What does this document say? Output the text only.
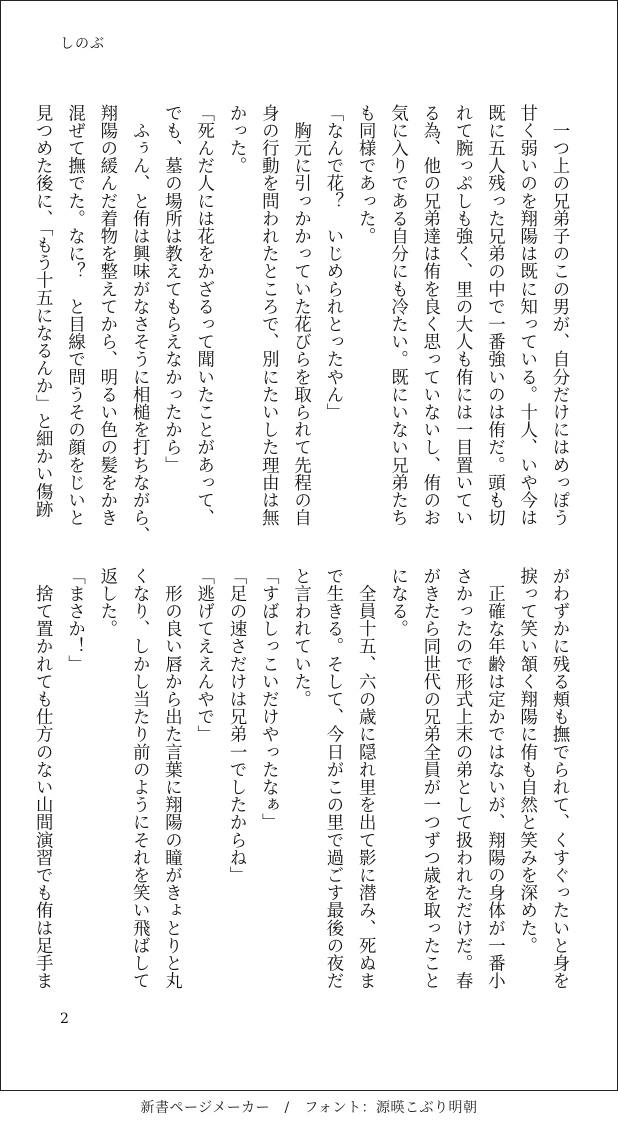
しのぶ
　一つ上の兄弟子のこの男が、自分だけにはめっぽう
甘く弱いのを翔陽は既に知っている。十人、いや今は
既に五人残った兄弟の中で一番強いのは侑だ。頭も切
れて腕っぷしも強く、里の大人も侑には一目置いてい
る為、他の兄弟達は侑を良く思っていないし、侑のお
気に入りである自分にも冷たい。既にいない兄弟たち
も同様であった。
「なんで花？　いじめられとったやん」
　胸元に引っかかっていた花びらを取られて先程の自
身の行動を問われたところで、別にたいした理由は無
かった。
「死んだ人には花をかざるって聞いたことがあって、
でも、墓の場所は教えてもらえなかったから」
　ふぅん、と侑は興味がなさそうに相槌を打ちながら、
翔陽の緩んだ着物を整えてから、明るい色の髪をかき
混ぜて撫でた。なに？　と目線で問うその顔をじいと
見つめた後に、「もう十五になるんか」と細かい傷跡
がわずかに残る頬も撫でられて、くすぐったいと身を
捩って笑い頷く翔陽に侑も自然と笑みを深めた。
　正確な年齢は定かではないが、翔陽の身体が一番小
さかったので形式上末の弟として扱われただけだ。春
がきたら同世代の兄弟全員が一つずつ歳を取ったこと
になる。
　全員十五、六の歳に隠れ里を出て影に潜み、死ぬま
で生きる。そして、今日がこの里で過ごす最後の夜だ
と言われていた。
「すばしっこいだけやったなぁ」
「足の速さだけは兄弟一でしたからね」
「逃げてええんやで」
　形の良い唇から出た言葉に翔陽の瞳がきょとりと丸
くなり、しかし当たり前のようにそれを笑い飛ばして
返した。
「まさか！」
　捨て置かれても仕方のない山間演習でも侑は足手ま
2
新書ページメーカー　/　フォント：源暎こぶり明朝
